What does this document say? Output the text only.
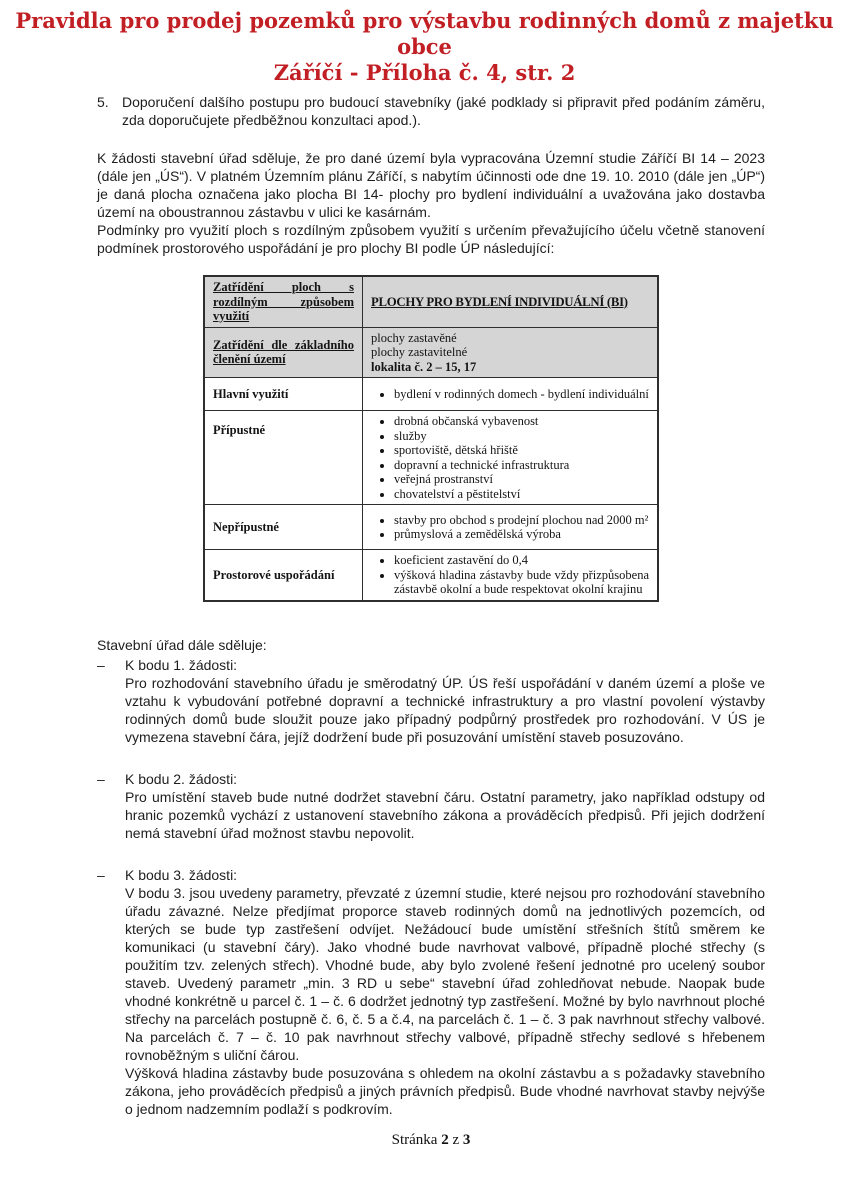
Pravidla pro prodej pozemků pro výstavbu rodinných domů z majetku obce
Záříčí - Příloha č. 4, str. 2
5. Doporučení dalšího postupu pro budoucí stavebníky (jaké podklady si připravit před podáním záměru, zda doporučujete předběžnou konzultaci apod.).

K žádosti stavební úřad sděluje, že pro dané území byla vypracována Územní studie Záříčí BI 14 – 2023 (dále jen „ÚS“). V platném Územním plánu Záříčí, s nabytím účinnosti ode dne 19. 10. 2010 (dále jen „ÚP“) je daná plocha označena jako plocha BI 14- plochy pro bydlení individuální a uvažována jako dostavba území na oboustrannou zástavbu v ulici ke kasárnám.

Podmínky pro využití ploch s rozdílným způsobem využití s určením převažujícího účelu včetně stanovení podmínek prostorového uspořádání je pro plochy BI podle ÚP následující:

Zatřídění ploch s rozdílným způsobem využití	PLOCHY PRO BYDLENÍ INDIVIDUÁLNÍ (BI)

Zatřídění dle základního členění území	plochy zastavěné
plochy zastavitelné
lokalita č. 2 – 15, 17

Hlavní využití	
•bydlení v rodinných domech - bydlení individuální

Přípustné	
• drobná občanská vybavenost
• služby
• sportoviště, dětská hřiště
• dopravní a technické infrastruktura
• veřejná prostranství
• chovatelství a pěstitelství

Nepřípustné	
• stavby pro obchod s prodejní plochou nad 2000 m²
• průmyslová a zemědělská výroba

Prostorové uspořádání	
• koeficient zastavění do 0,4
• výšková hladina zástavby bude vždy přizpůsobena zástavbě okolní a bude respektovat okolní krajinu

Stavební úřad dále sděluje:

–	K bodu 1. žádosti:

Pro rozhodování stavebního úřadu je směrodatný ÚP. ÚS řeší uspořádání v daném území a ploše ve vztahu k vybudování potřebné dopravní a technické infrastruktury a pro vlastní povolení výstavby rodinných domů bude sloužit pouze jako případný podpůrný prostředek pro rozhodování. V ÚS je vymezena stavební čára, jejíž dodržení bude při posuzování umístění staveb posuzováno.

–	K bodu 2. žádosti:

Pro umístění staveb bude nutné dodržet stavební čáru. Ostatní parametry, jako například odstupy od hranic pozemků vychází z ustanovení stavebního zákona a prováděcích předpisů. Při jejich dodržení nemá stavební úřad možnost stavbu nepovolit.

–	K bodu 3. žádosti:

V bodu 3. jsou uvedeny parametry, převzaté z územní studie, které nejsou pro rozhodování stavebního úřadu závazné. Nelze předjímat proporce staveb rodinných domů na jednotlivých pozemcích, od kterých se bude typ zastřešení odvíjet. Nežádoucí bude umístění střešních štítů směrem ke komunikaci (u stavební čáry). Jako vhodné bude navrhovat valbové, případně ploché střechy (s použitím tzv. zelených střech). Vhodné bude, aby bylo zvolené řešení jednotné pro ucelený soubor staveb. Uvedený parametr „min. 3 RD u sebe“ stavební úřad zohledňovat nebude. Naopak bude vhodné konkrétně u parcel č. 1 – č. 6 dodržet jednotný typ zastřešení. Možné by bylo navrhnout ploché střechy na parcelách postupně č. 6, č. 5 a č.4, na parcelách č. 1 – č. 3 pak navrhnout střechy valbové. Na parcelách č. 7 – č. 10 pak navrhnout střechy valbové, případně střechy sedlové s hřebenem rovnoběžným s uliční čárou.

Výšková hladina zástavby bude posuzována s ohledem na okolní zástavbu a s požadavky stavebního zákona, jeho prováděcích předpisů a jiných právních předpisů. Bude vhodné navrhovat stavby nejvýše o jednom nadzemním podlaží s podkrovím.

Stránka 2 z 3
